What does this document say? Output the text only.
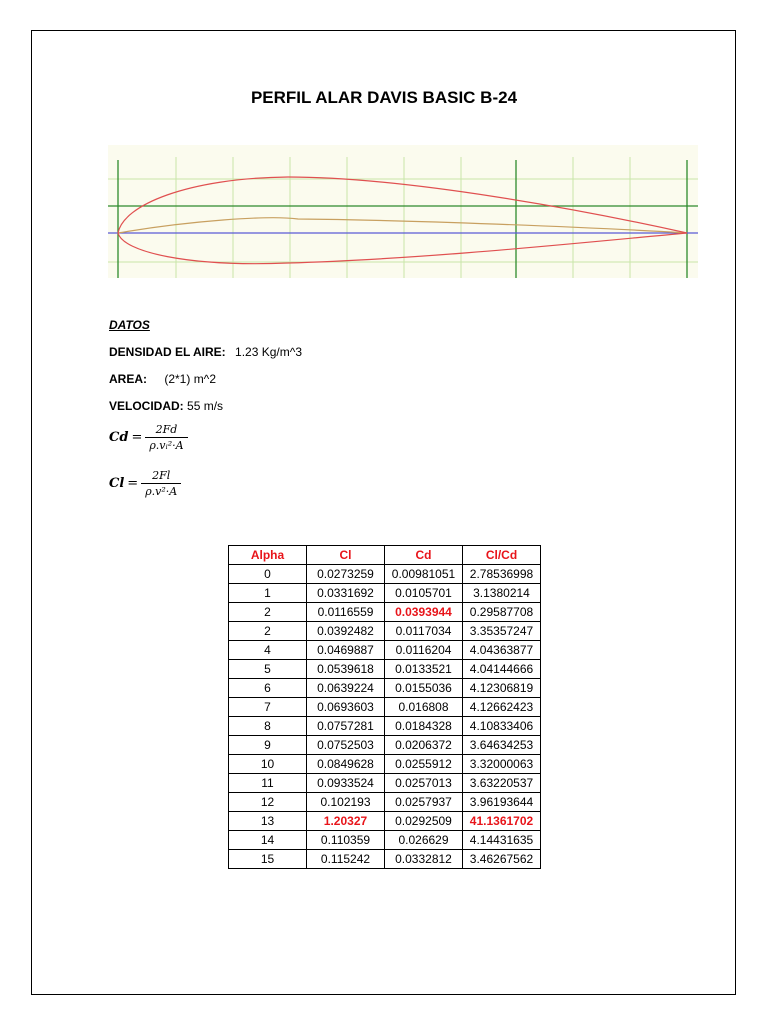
PERFIL ALAR DAVIS BASIC B-24
DATOS
DENSIDAD EL AIRE: 1.23 Kg/m^3
AREA: (2*1) m^2
VELOCIDAD: 55 m/s
$Cd = \frac{2Fd}{\text{ρ.vᵢ²·A}}$
$Cl = \frac{2Fl}{\text{ρ.v²·A}}$
Alpha	Cl	Cd	Cl/Cd
0	0.0273259	0.00981051	2.78536998
1	0.0331692	0.0105701	3.1380214
2	0.0116559	0.0393944	0.29587708
2	0.0392482	0.0117034	3.35357247
4	0.0469887	0.0116204	4.04363877
5	0.0539618	0.0133521	4.04144666
6	0.0639224	0.0155036	4.12306819
7	0.0693603	0.016808	4.12662423
8	0.0757281	0.0184328	4.10833406
9	0.0752503	0.0206372	3.64634253
10	0.0849628	0.0255912	3.32000063
11	0.0933524	0.0257013	3.63220537
12	0.102193	0.0257937	3.96193644
13	1.20327	0.0292509	41.1361702
14	0.110359	0.026629	4.14431635
15	0.115242	0.0332812	3.46267562
